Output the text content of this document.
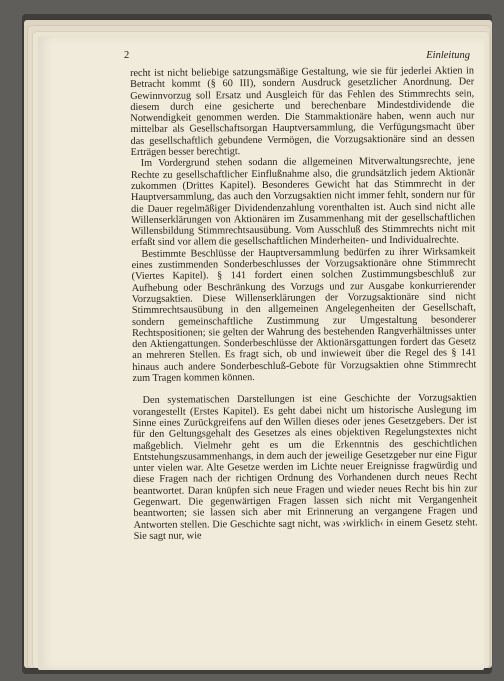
2	Einleitung

recht ist nicht beliebige satzungsmäßige Gestaltung, wie sie für jederlei Aktien in Betracht kommt (§ 60 III), sondern Ausdruck gesetzlicher Anordnung. Der Gewinnvorzug soll Ersatz und Ausgleich für das Fehlen des Stimmrechts sein, diesem durch eine gesicherte und berechenbare Mindestdividende die Notwendigkeit genommen werden. Die Stammaktionäre haben, wenn auch nur mittelbar als Gesellschaftsorgan Hauptversammlung, die Verfügungsmacht über das gesellschaftlich gebundene Vermögen, die Vorzugsaktionäre sind an dessen Erträgen besser berechtigt.

Im Vordergrund stehen sodann die allgemeinen Mitverwaltungsrechte, jene Rechte zu gesellschaftlicher Einflußnahme also, die grundsätzlich jedem Aktionär zukommen (Drittes Kapitel). Besonderes Gewicht hat das Stimmrecht in der Hauptversammlung, das auch den Vorzugsaktien nicht immer fehlt, sondern nur für die Dauer regelmäßiger Dividendenzahlung vorenthalten ist. Auch sind nicht alle Willenserklärungen von Aktionären im Zusammenhang mit der gesellschaftlichen Willensbildung Stimmrechtsausübung. Vom Ausschluß des Stimmrechts nicht mit erfaßt sind vor allem die gesellschaftlichen Minderheiten- und Individualrechte.

Bestimmte Beschlüsse der Hauptversammlung bedürfen zu ihrer Wirksamkeit eines zustimmenden Sonderbeschlusses der Vorzugsaktionäre ohne Stimmrecht (Viertes Kapitel). § 141 fordert einen solchen Zustimmungsbeschluß zur Aufhebung oder Beschränkung des Vorzugs und zur Ausgabe konkurrierender Vorzugsaktien. Diese Willenserklärungen der Vorzugsaktionäre sind nicht Stimmrechtsausübung in den allgemeinen Angelegenheiten der Gesellschaft, sondern gemeinschaftliche Zustimmung zur Umgestaltung besonderer Rechtspositionen; sie gelten der Wahrung des bestehenden Rangverhältnisses unter den Aktiengattungen. Sonderbeschlüsse der Aktionärsgattungen fordert das Gesetz an mehreren Stellen. Es fragt sich, ob und inwieweit über die Regel des § 141 hinaus auch andere Sonderbeschluß-Gebote für Vorzugsaktien ohne Stimmrecht zum Tragen kommen können.

Den systematischen Darstellungen ist eine Geschichte der Vorzugsaktien vorangestellt (Erstes Kapitel). Es geht dabei nicht um historische Auslegung im Sinne eines Zurückgreifens auf den Willen dieses oder jenes Gesetzgebers. Der ist für den Geltungsgehalt des Gesetzes als eines objektiven Regelungstextes nicht maßgeblich. Vielmehr geht es um die Erkenntnis des geschichtlichen Entstehungszusammenhangs, in dem auch der jeweilige Gesetzgeber nur eine Figur unter vielen war. Alte Gesetze werden im Lichte neuer Ereignisse fragwürdig und diese Fragen nach der richtigen Ordnung des Vorhandenen durch neues Recht beantwortet. Daran knüpfen sich neue Fragen und wieder neues Recht bis hin zur Gegenwart. Die gegenwärtigen Fragen lassen sich nicht mit Vergangenheit beantworten; sie lassen sich aber mit Erinnerung an vergangene Fragen und Antworten stellen. Die Geschichte sagt nicht, was ›wirklich‹ in einem Gesetz steht. Sie sagt nur, wie
